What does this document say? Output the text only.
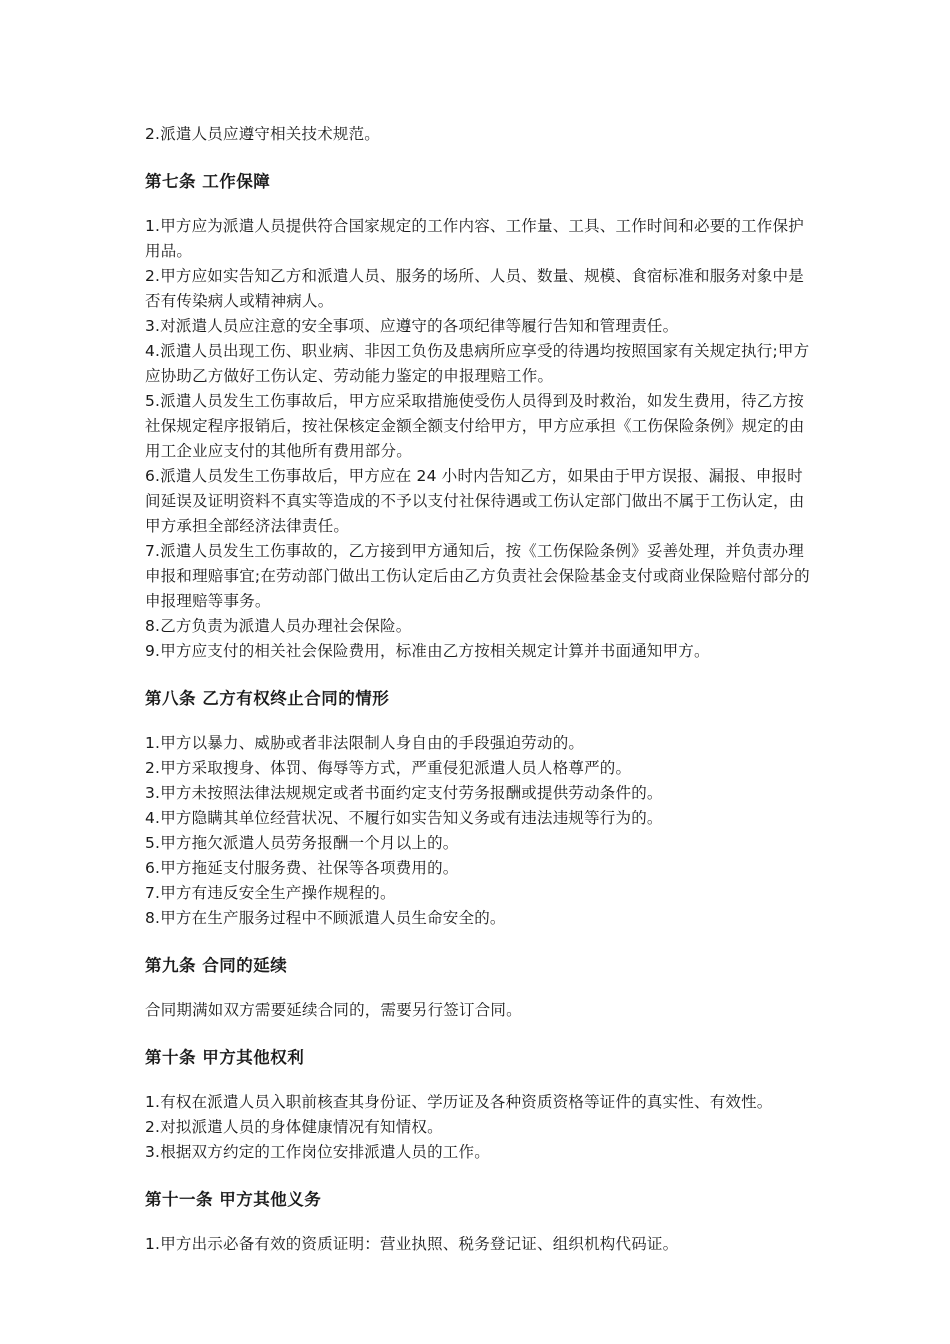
2.派遣人员应遵守相关技术规范。

第七条 工作保障

1.甲方应为派遣人员提供符合国家规定的工作内容、工作量、工具、工作时间和必要的工作保护用品。

2.甲方应如实告知乙方和派遣人员、服务的场所、人员、数量、规模、食宿标准和服务对象中是否有传染病人或精神病人。

3.对派遣人员应注意的安全事项、应遵守的各项纪律等履行告知和管理责任。

4.派遣人员出现工伤、职业病、非因工负伤及患病所应享受的待遇均按照国家有关规定执行;甲方应协助乙方做好工伤认定、劳动能力鉴定的申报理赔工作。

5.派遣人员发生工伤事故后，甲方应采取措施使受伤人员得到及时救治，如发生费用，待乙方按社保规定程序报销后，按社保核定金额全额支付给甲方，甲方应承担《工伤保险条例》规定的由用工企业应支付的其他所有费用部分。

6.派遣人员发生工伤事故后，甲方应在 24 小时内告知乙方，如果由于甲方误报、漏报、申报时间延误及证明资料不真实等造成的不予以支付社保待遇或工伤认定部门做出不属于工伤认定，由甲方承担全部经济法律责任。

7.派遣人员发生工伤事故的，乙方接到甲方通知后，按《工伤保险条例》妥善处理，并负责办理申报和理赔事宜;在劳动部门做出工伤认定后由乙方负责社会保险基金支付或商业保险赔付部分的申报理赔等事务。

8.乙方负责为派遣人员办理社会保险。

9.甲方应支付的相关社会保险费用，标准由乙方按相关规定计算并书面通知甲方。

第八条 乙方有权终止合同的情形

1.甲方以暴力、威胁或者非法限制人身自由的手段强迫劳动的。

2.甲方采取搜身、体罚、侮辱等方式，严重侵犯派遣人员人格尊严的。

3.甲方未按照法律法规规定或者书面约定支付劳务报酬或提供劳动条件的。

4.甲方隐瞒其单位经营状况、不履行如实告知义务或有违法违规等行为的。

5.甲方拖欠派遣人员劳务报酬一个月以上的。

6.甲方拖延支付服务费、社保等各项费用的。

7.甲方有违反安全生产操作规程的。

8.甲方在生产服务过程中不顾派遣人员生命安全的。

第九条 合同的延续

合同期满如双方需要延续合同的，需要另行签订合同。

第十条 甲方其他权利

1.有权在派遣人员入职前核查其身份证、学历证及各种资质资格等证件的真实性、有效性。

2.对拟派遣人员的身体健康情况有知情权。

3.根据双方约定的工作岗位安排派遣人员的工作。

第十一条 甲方其他义务

1.甲方出示必备有效的资质证明：营业执照、税务登记证、组织机构代码证。
